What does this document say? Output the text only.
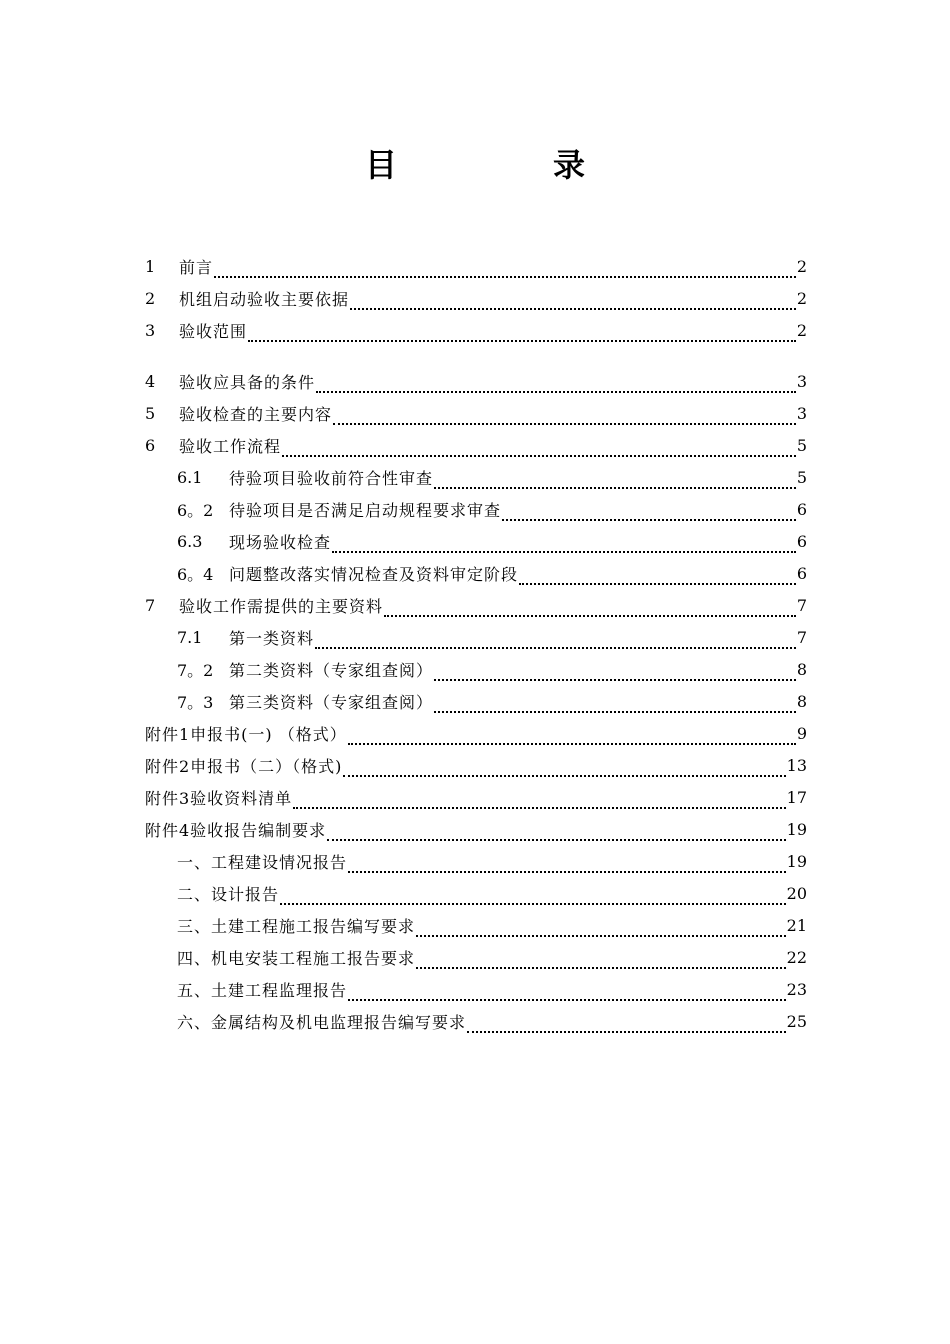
目　录
1	前言	2
2	机组启动验收主要依据	2
3	验收范围	2
4	验收应具备的条件	3
5	验收检查的主要内容	3
6	验收工作流程	5
6.1	待验项目验收前符合性审查	5
6。2 待验项目是否满足启动规程要求审查	6
6.3	现场验收检查	6
6。4 问题整改落实情况检查及资料审定阶段	6
7	验收工作需提供的主要资料	7
7.1	第一类资料	7
7。2 第二类资料（专家组查阅）	8
7。3 第三类资料（专家组查阅）	8
附件1申报书(一) （格式）	9
附件2申报书（二）（格式)	13
附件3验收资料清单	17
附件4验收报告编制要求	19
一、工程建设情况报告	19
二、设计报告	20
三、土建工程施工报告编写要求	21
四、机电安装工程施工报告要求	22
五、土建工程监理报告	23
六、金属结构及机电监理报告编写要求	25
